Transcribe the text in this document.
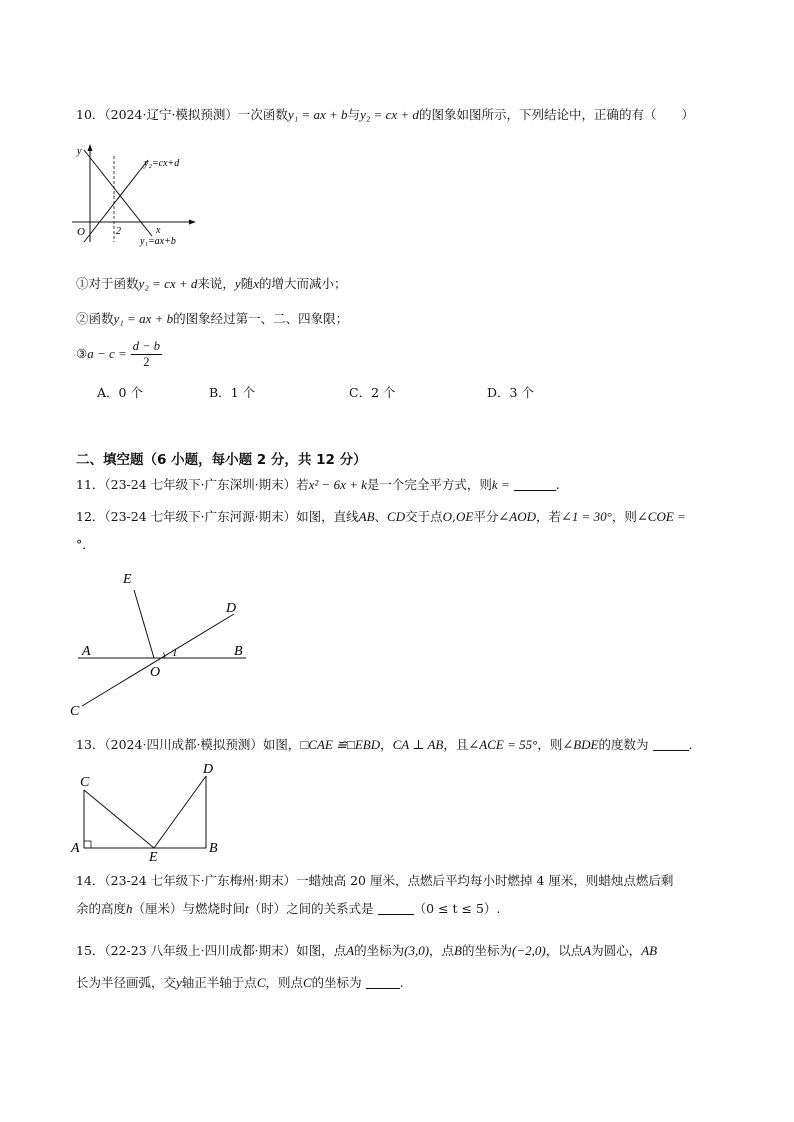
10．（2024·辽宁·模拟预测）一次函数y₁ = ax + b与y₂ = cx + d的图象如图所示，下列结论中，正确的有（　　）
y
x
O	2
y₂=cx+d
y₁=ax+b
①对于函数y₂ = cx + d来说，y随x的增大而减小；
②函数y₁ = ax + b的图象经过第一、二、四象限；
③a − $c = \frac{d - b}{2}$
A．0 个	B．1 个	C．2 个	D．3 个
二、填空题（6 小题，每小题 2 分，共 12 分）
11．（23-24 七年级下·广东深圳·期末）若x² − 6x + k是一个完全平方式，则k =	.
12．（23-24 七年级下·广东河源·期末）如图，直线AB、CD交于点O,OE平分∠AOD，若∠1 = 30°，则∠COE =
°．
A	B
C
D
E
O
1
13．（2024·四川成都·模拟预测）如图，□CAE ≌□EBD，CA ⊥ AB，且∠ACE = 55°，则∠BDE的度数为	.
C
A
E
B
D
14．（23-24 七年级下·广东梅州·期末）一蜡烛高 20 厘米，点燃后平均每小时燃掉 4 厘米，则蜡烛点燃后剩
余的高度h（厘米）与燃烧时间t（时）之间的关系式是	（0 ≤ t ≤ 5）.
15．（22-23 八年级上·四川成都·期末）如图，点A的坐标为(3,0)，点B的坐标为(−2,0)，以点A为圆心，AB
长为半径画弧，交y轴正半轴于点C，则点C的坐标为	.
